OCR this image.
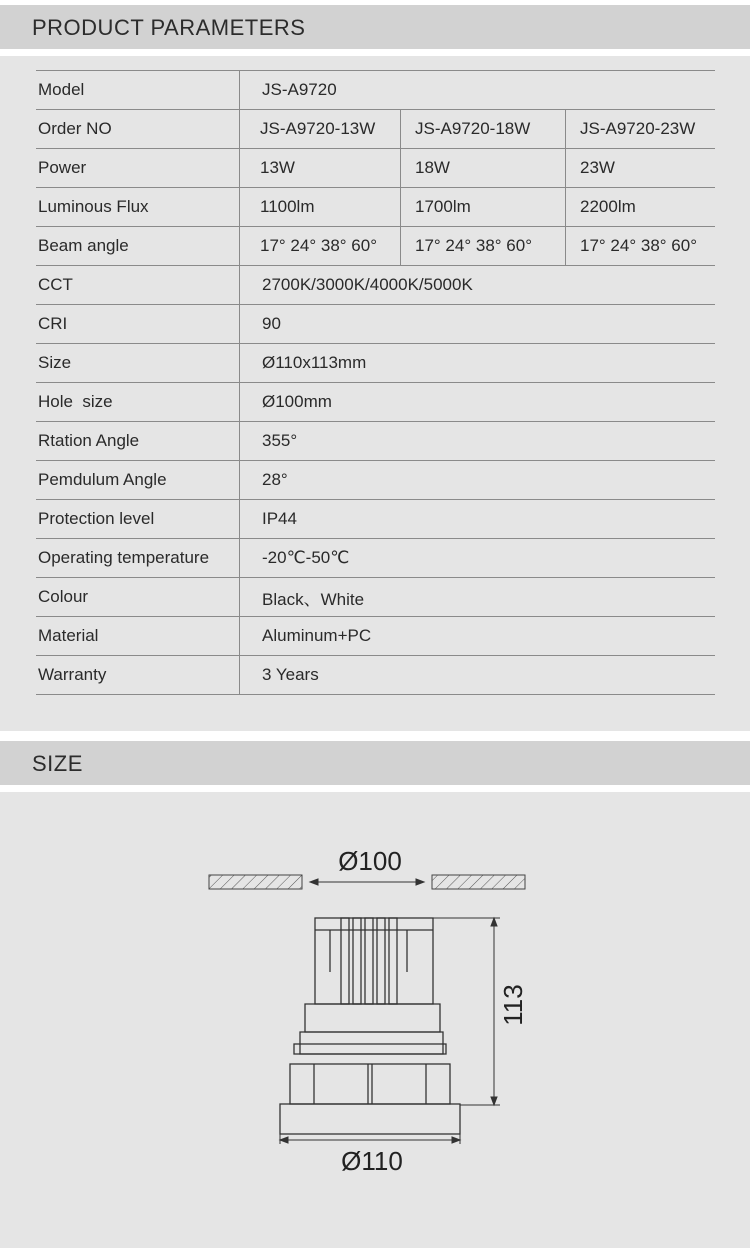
PRODUCT PARAMETERS
Model	JS-A9720		
Order NO	JS-A9720-13W	JS-A9720-18W	JS-A9720-23W
Power	13W	18W	23W
Luminous Flux	1100lm	1700lm	2200lm
Beam angle	17° 24° 38° 60°	17° 24° 38° 60°	17° 24° 38° 60°
CCT	2700K/3000K/4000K/5000K		
CRI	90		
Size	Ø110x113mm		
Hole  size	Ø100mm		
Rtation Angle	355°		
Pemdulum Angle	28°		
Protection level	IP44		
Operating temperature	-20℃-50℃		
Colour	Black、White		
Material	Aluminum+PC		
Warranty	3 Years		
SIZE
Ø100
113
Ø110
